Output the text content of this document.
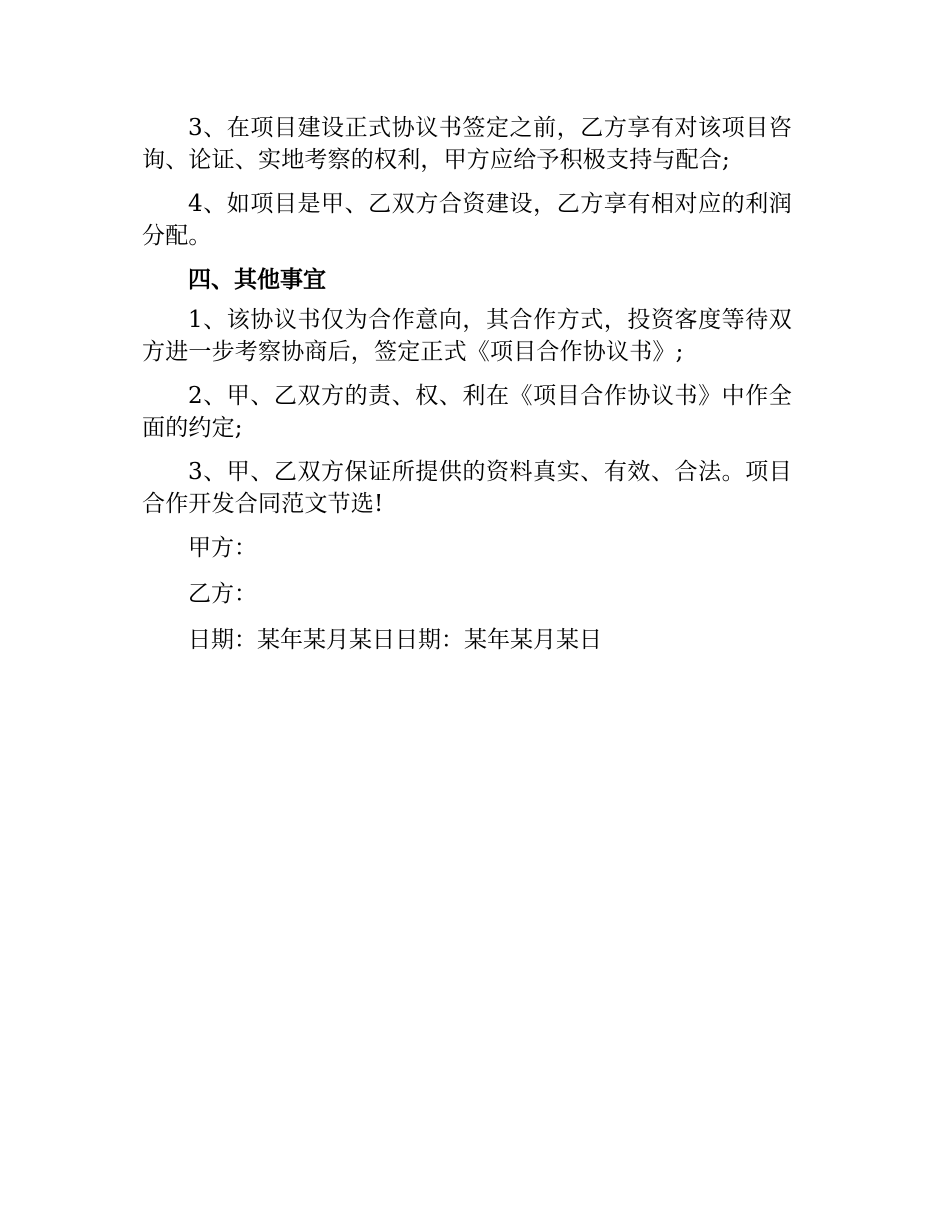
3、在项目建设正式协议书签定之前，乙方享有对该项目咨询、论证、实地考察的权利，甲方应给予积极支持与配合;

4、如项目是甲、乙双方合资建设，乙方享有相对应的利润分配。

四、其他事宜

1、该协议书仅为合作意向，其合作方式，投资客度等待双方进一步考察协商后，签定正式《项目合作协议书》;

2、甲、乙双方的责、权、利在《项目合作协议书》中作全面的约定;

3、甲、乙双方保证所提供的资料真实、有效、合法。项目合作开发合同范文节选!

甲方：

乙方：

日期：某年某月某日日期：某年某月某日
